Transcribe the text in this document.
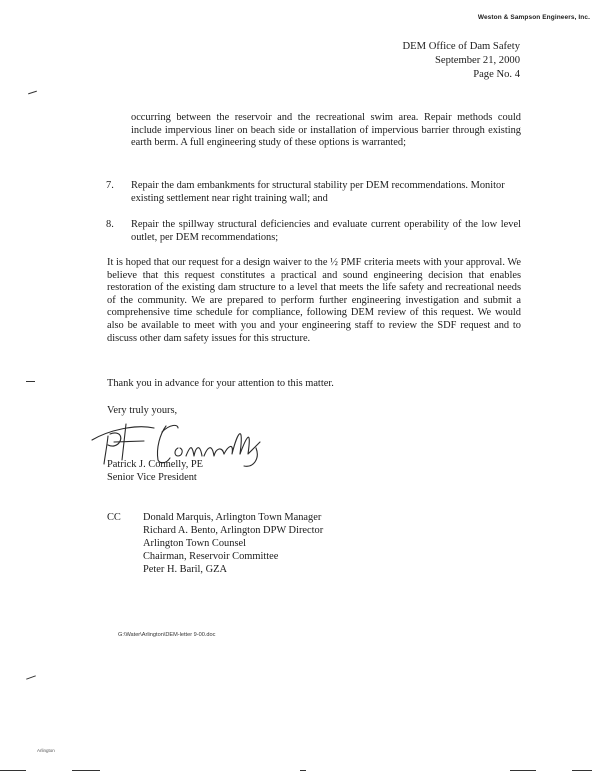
Weston & Sampson Engineers, Inc.
DEM Office of Dam Safety
September 21, 2000
Page No. 4
occurring between the reservoir and the recreational swim area. Repair methods could include impervious liner on beach side or installation of impervious barrier through existing earth berm. A full engineering study of these options is warranted;
7. Repair the dam embankments for structural stability per DEM recommendations. Monitor existing settlement near right training wall; and
8. Repair the spillway structural deficiencies and evaluate current operability of the low level outlet, per DEM recommendations;
It is hoped that our request for a design waiver to the ½ PMF criteria meets with your approval. We believe that this request constitutes a practical and sound engineering decision that enables restoration of the existing dam structure to a level that meets the life safety and recreational needs of the community. We are prepared to perform further engineering investigation and submit a comprehensive time schedule for compliance, following DEM review of this request. We would also be available to meet with you and your engineering staff to review the SDF request and to discuss other dam safety issues for this structure.
Thank you in advance for your attention to this matter.
Very truly yours,
Patrick J. Connelly, PE
Senior Vice President
CC Donald Marquis, Arlington Town Manager
Richard A. Bento, Arlington DPW Director
Arlington Town Counsel
Chairman, Reservoir Committee
Peter H. Baril, GZA
G:\Water\Arlington\DEM-letter 9-00.doc
Arlington
